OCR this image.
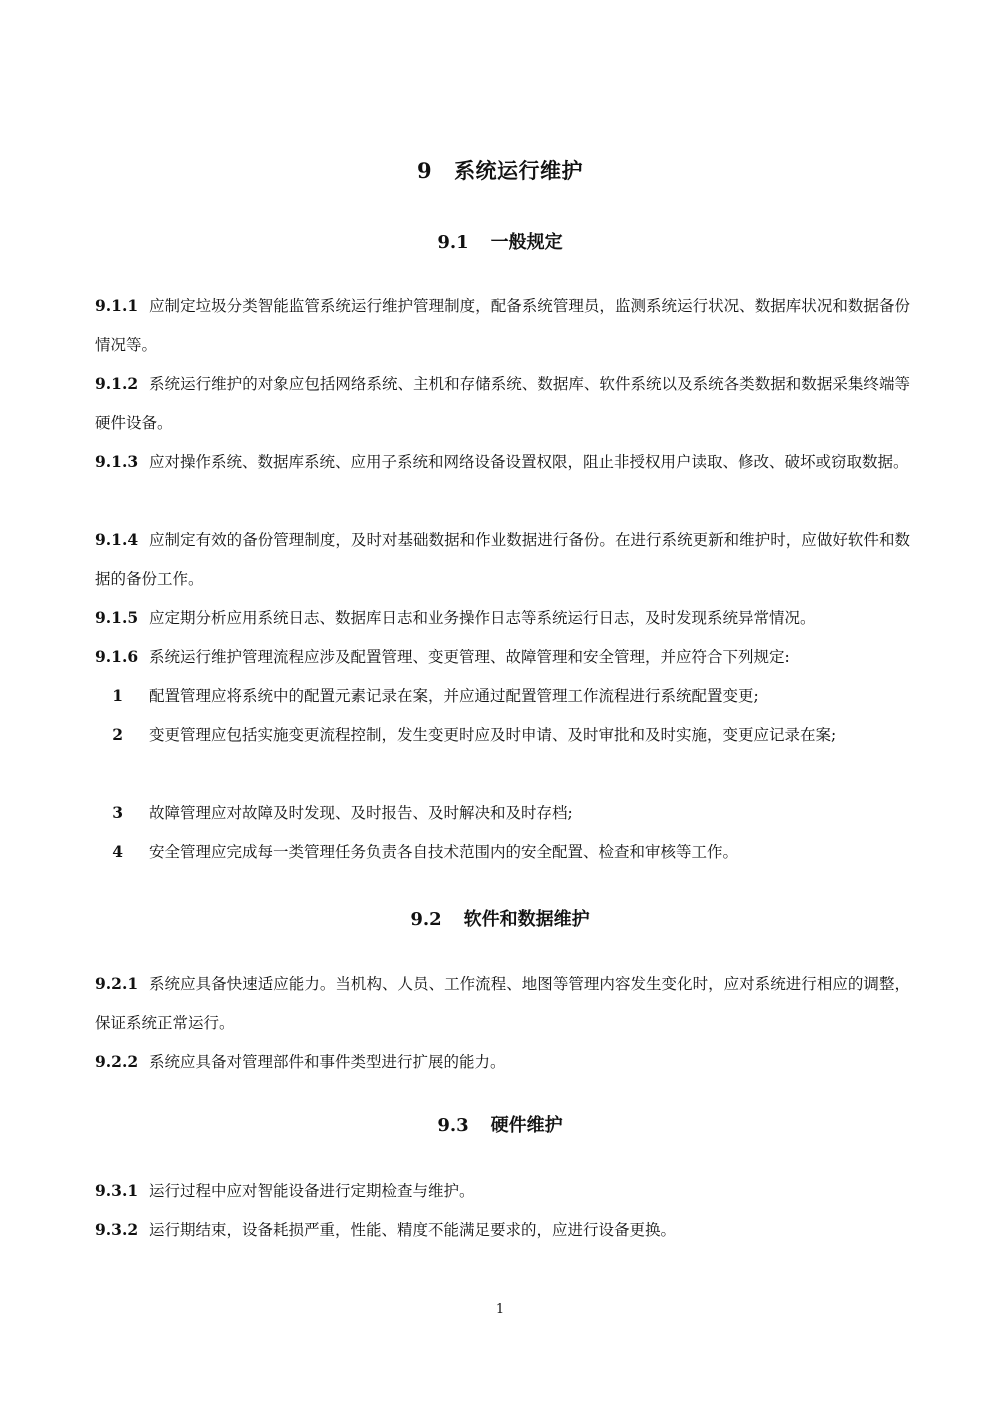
9 系统运行维护
9.1 一般规定
9.1.1 应制定垃圾分类智能监管系统运行维护管理制度，配备系统管理员，监测系统运行状况、数据库状况和数据备份情况等。
9.1.2 系统运行维护的对象应包括网络系统、主机和存储系统、数据库、软件系统以及系统各类数据和数据采集终端等硬件设备。
9.1.3 应对操作系统、数据库系统、应用子系统和网络设备设置权限，阻止非授权用户读取、修改、破坏或窃取数据。
9.1.4 应制定有效的备份管理制度，及时对基础数据和作业数据进行备份。在进行系统更新和维护时，应做好软件和数据的备份工作。
9.1.5 应定期分析应用系统日志、数据库日志和业务操作日志等系统运行日志，及时发现系统异常情况。
9.1.6 系统运行维护管理流程应涉及配置管理、变更管理、故障管理和安全管理，并应符合下列规定:
1 配置管理应将系统中的配置元素记录在案，并应通过配置管理工作流程进行系统配置变更;
2 变更管理应包括实施变更流程控制，发生变更时应及时申请、及时审批和及时实施，变更应记录在案;
3 故障管理应对故障及时发现、及时报告、及时解决和及时存档;
4 安全管理应完成每一类管理任务负责各自技术范围内的安全配置、检查和审核等工作。
9.2 软件和数据维护
9.2.1 系统应具备快速适应能力。当机构、人员、工作流程、地图等管理内容发生变化时，应对系统进行相应的调整，保证系统正常运行。
9.2.2 系统应具备对管理部件和事件类型进行扩展的能力。
9.3 硬件维护
9.3.1 运行过程中应对智能设备进行定期检查与维护。
9.3.2 运行期结束，设备耗损严重，性能、精度不能满足要求的，应进行设备更换。
1
